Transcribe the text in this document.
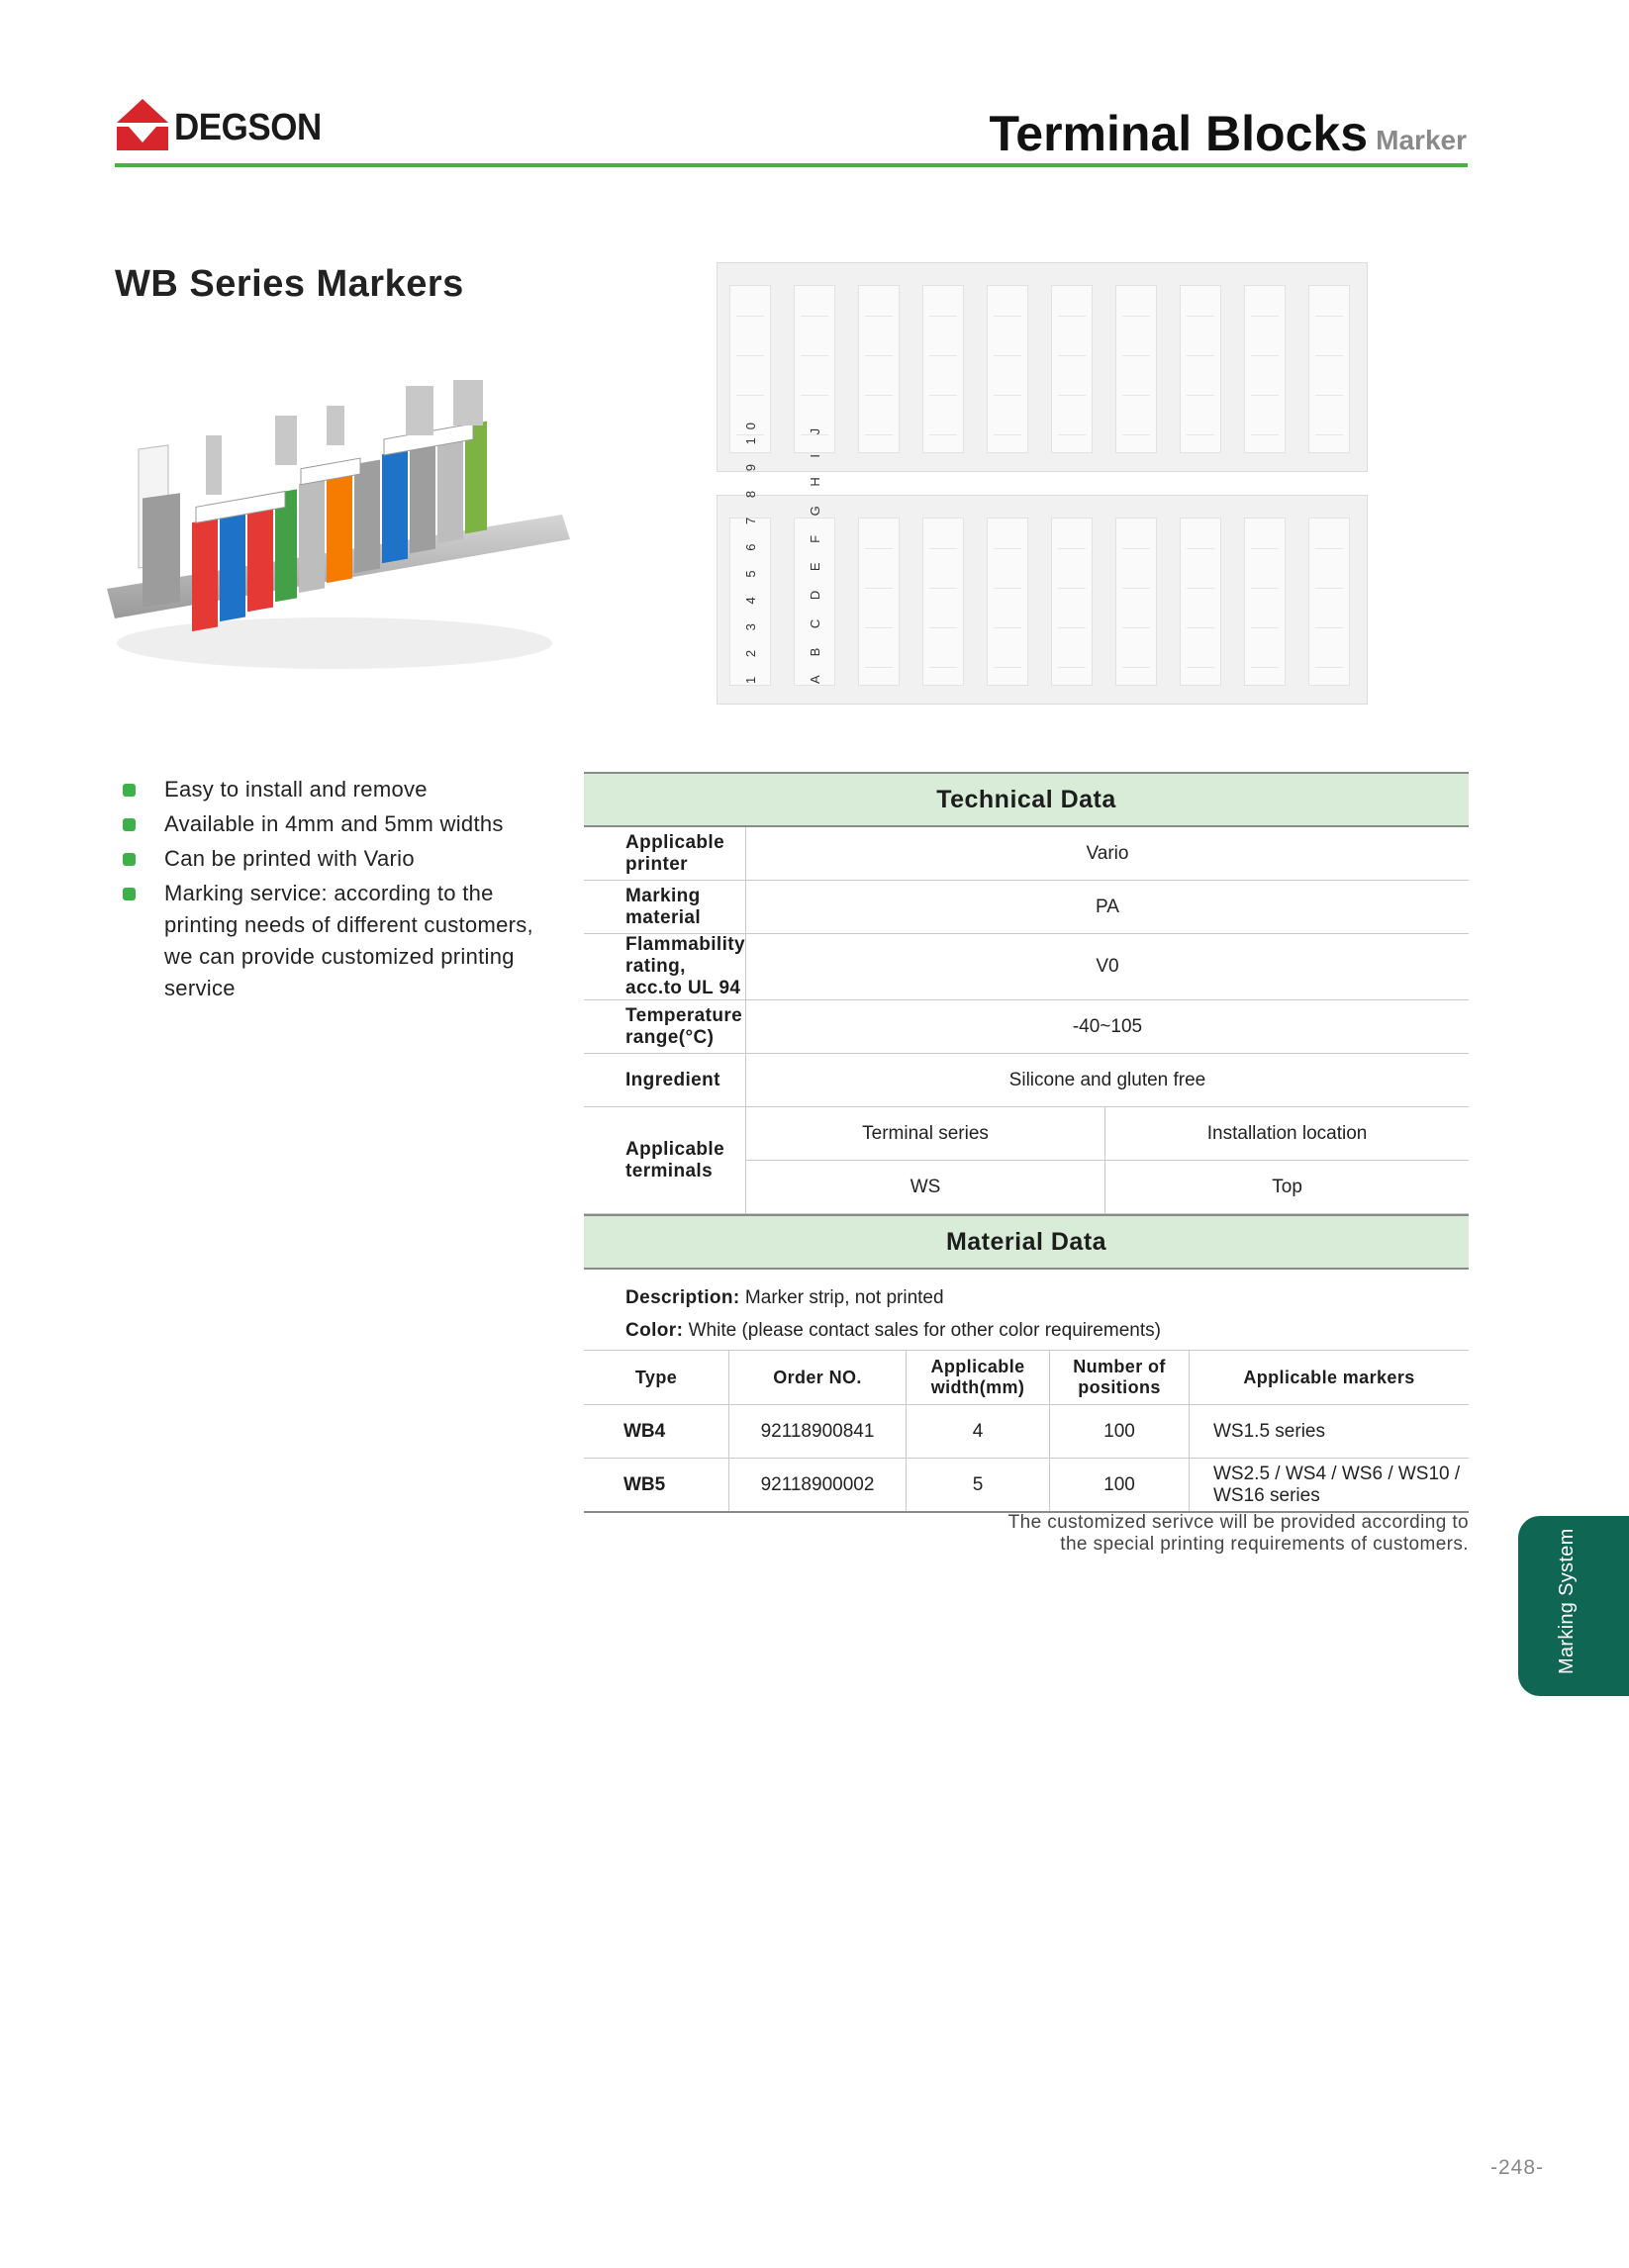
DEGSON	Terminal Blocks Marker
WB Series Markers
1 2 3 4 5 6 7 8 9 10	A B C D E F G H I J
Easy to install and remove
Available in 4mm and 5mm widths
Can be printed with Vario
Marking service: according to the printing needs of different customers, we can provide customized printing service
Technical Data
Applicable printer	Vario	
Marking material	PA	
Flammability rating, acc.to UL 94	V0	
Temperature range(°C)	-40~105	
Ingredient	Silicone and gluten free	
Applicable terminals	Terminal series	Installation location
	WS	Top
Material Data
Description: Marker strip, not printed
Color: White (please contact sales for other color requirements)
Type	Order NO.	Applicable width(mm)	Number of positions	Applicable markers
WB4	92118900841	4	100	WS1.5 series
WB5	92118900002	5	100	WS2.5 / WS4 / WS6 / WS10 / WS16 series
The customized serivce will be provided according to
the special printing requirements of customers.	Marking System
-248-
